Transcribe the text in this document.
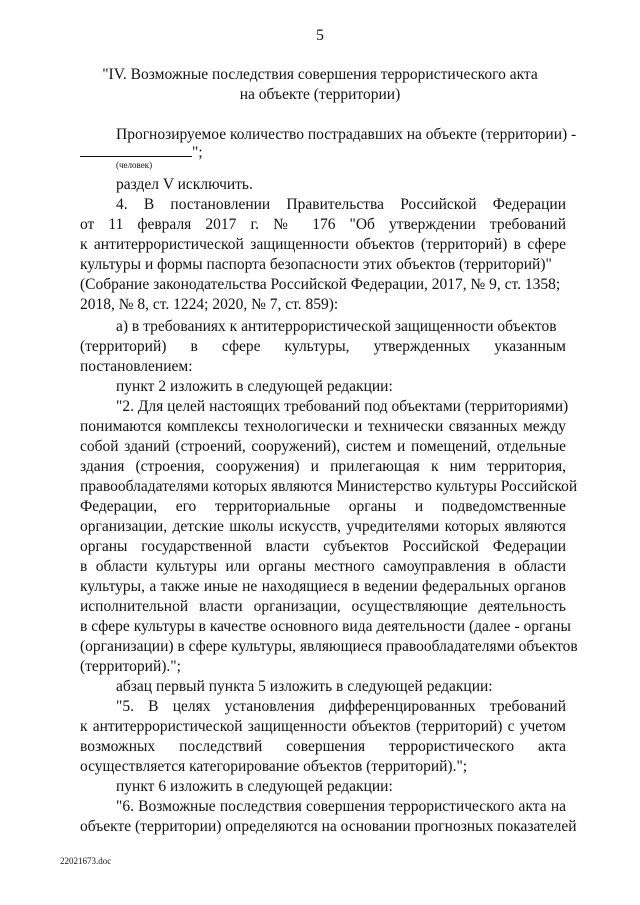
5
"IV. Возможные последствия совершения террористического акта
на объекте (территории)
Прогнозируемое количество пострадавших на объекте (территории) -
";
(человек)
раздел V исключить.
4. В постановлении Правительства Российской Федерации
от 11 февраля 2017 г. № 176 "Об утверждении требований
к антитеррористической защищенности объектов (территорий) в сфере
культуры и формы паспорта безопасности этих объектов (территорий)"
(Собрание законодательства Российской Федерации, 2017, № 9, ст. 1358;
2018, № 8, ст. 1224; 2020, № 7, ст. 859):
а) в требованиях к антитеррористической защищенности объектов
(территорий) в сфере культуры, утвержденных указанным
постановлением:
пункт 2 изложить в следующей редакции:
"2. Для целей настоящих требований под объектами (территориями)
понимаются комплексы технологически и технически связанных между
собой зданий (строений, сооружений), систем и помещений, отдельные
здания (строения, сооружения) и прилегающая к ним территория,
правообладателями которых являются Министерство культуры Российской
Федерации, его территориальные органы и подведомственные
организации, детские школы искусств, учредителями которых являются
органы государственной власти субъектов Российской Федерации
в области культуры или органы местного самоуправления в области
культуры, а также иные не находящиеся в ведении федеральных органов
исполнительной власти организации, осуществляющие деятельность
в сфере культуры в качестве основного вида деятельности (далее - органы
(организации) в сфере культуры, являющиеся правообладателями объектов
(территорий).";
абзац первый пункта 5 изложить в следующей редакции:
"5. В целях установления дифференцированных требований
к антитеррористической защищенности объектов (территорий) с учетом
возможных последствий совершения террористического акта
осуществляется категорирование объектов (территорий).";
пункт 6 изложить в следующей редакции:
"6. Возможные последствия совершения террористического акта на
объекте (территории) определяются на основании прогнозных показателей
22021673.doc
